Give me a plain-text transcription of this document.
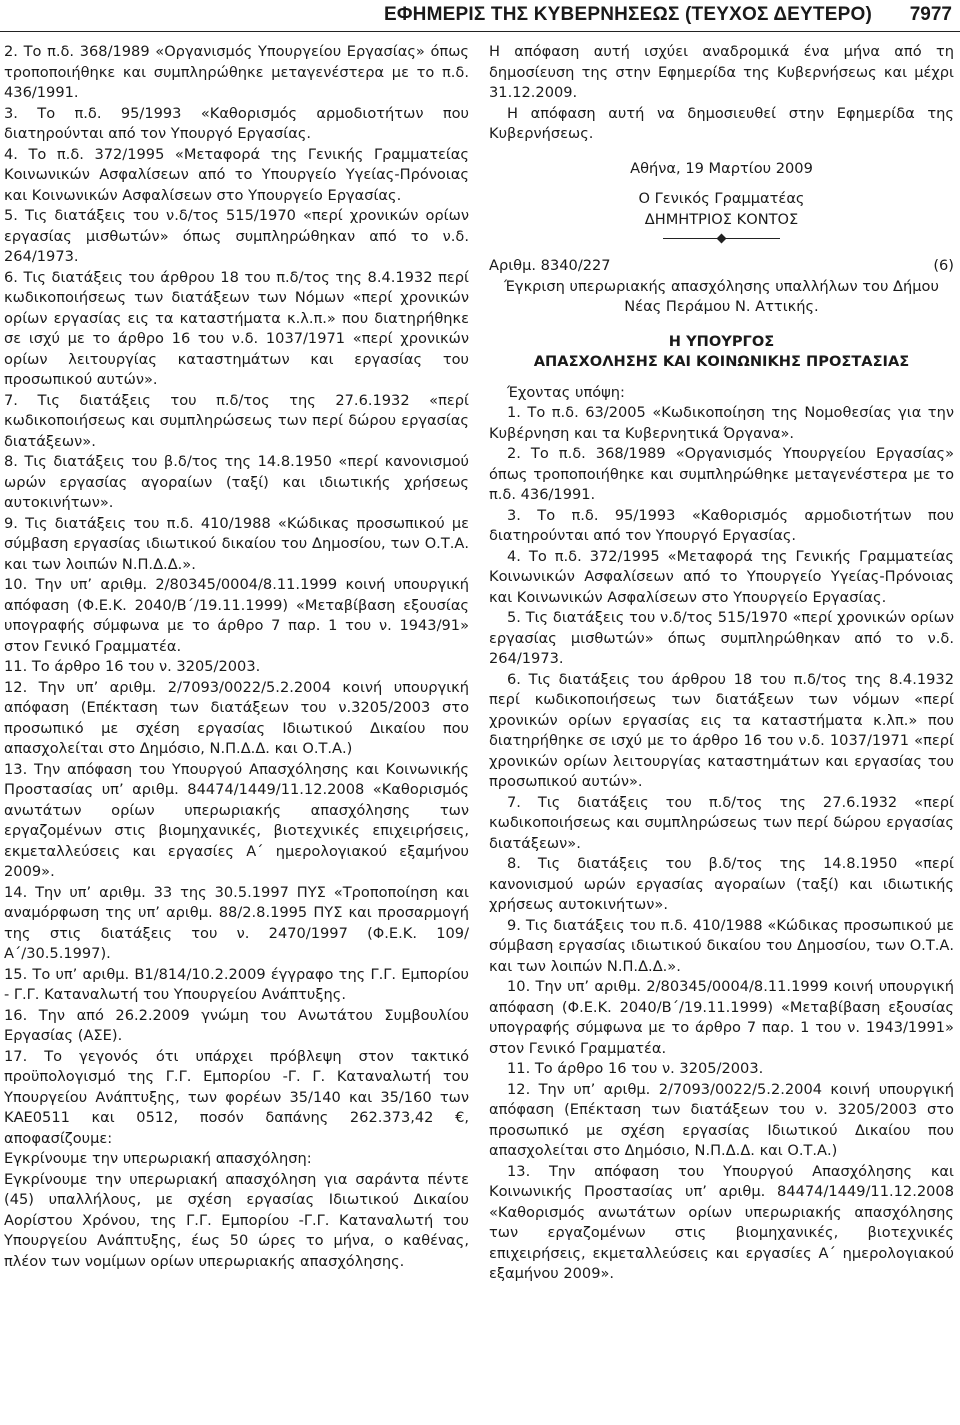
ΕΦΗΜΕΡΙΣ ΤΗΣ ΚΥΒΕΡΝΗΣΕΩΣ (ΤΕΥΧΟΣ ΔΕΥΤΕΡΟ) 7977

2. Το π.δ. 368/1989 «Οργανισμός Υπουργείου Εργασίας» όπως τροποποιήθηκε και συμπληρώθηκε μεταγενέστερα με το π.δ. 436/1991.

3. Το π.δ. 95/1993 «Καθορισμός αρμοδιοτήτων που διατηρούνται από τον Υπουργό Εργασίας.

4. Το π.δ. 372/1995 «Μεταφορά της Γενικής Γραμματείας Κοινωνικών Ασφαλίσεων από το Υπουργείο Υγείας-Πρόνοιας και Κοινωνικών Ασφαλίσεων στο Υπουργείο Εργασίας.

5. Τις διατάξεις του ν.δ/τος 515/1970 «περί χρονικών ορίων εργασίας μισθωτών» όπως συμπληρώθηκαν από το ν.δ. 264/1973.

6. Τις διατάξεις του άρθρου 18 του π.δ/τος της 8.4.1932 περί κωδικοποιήσεως των διατάξεων των Νόμων «περί χρονικών ορίων εργασίας εις τα καταστήματα κ.λ.π.» που διατηρήθηκε σε ισχύ με το άρθρο 16 του ν.δ. 1037/1971 «περί χρονικών ορίων λειτουργίας καταστημάτων και εργασίας του προσωπικού αυτών».

7. Τις διατάξεις του π.δ/τος της 27.6.1932 «περί κωδικοποιήσεως και συμπληρώσεως των περί δώρου εργασίας διατάξεων».

8. Τις διατάξεις του β.δ/τος της 14.8.1950 «περί κανονισμού ωρών εργασίας αγοραίων (ταξί) και ιδιωτικής χρήσεως αυτοκινήτων».

9. Τις διατάξεις του π.δ. 410/1988 «Κώδικας προσωπικού με σύμβαση εργασίας ιδιωτικού δικαίου του Δημοσίου, των Ο.Τ.Α. και των λοιπών Ν.Π.Δ.Δ.».

10. Την υπ’ αριθμ. 2/80345/0004/8.11.1999 κοινή υπουργική απόφαση (Φ.Ε.Κ. 2040/Β΄/19.11.1999) «Μεταβίβαση εξουσίας υπογραφής σύμφωνα με το άρθρο 7 παρ. 1 του ν. 1943/91» στον Γενικό Γραμματέα.

11. Το άρθρο 16 του ν. 3205/2003.

12. Την υπ’ αριθμ. 2/7093/0022/5.2.2004 κοινή υπουργική απόφαση (Επέκταση των διατάξεων του ν.3205/2003 στο προσωπικό με σχέση εργασίας Ιδιωτικού Δικαίου που απασχολείται στο Δημόσιο, Ν.Π.Δ.Δ. και Ο.Τ.Α.)

13. Την απόφαση του Υπουργού Απασχόλησης και Κοινωνικής Προστασίας υπ’ αριθμ. 84474/1449/11.12.2008 «Καθορισμός ανωτάτων ορίων υπερωριακής απασχόλησης των εργαζομένων στις βιομηχανικές, βιοτεχνικές επιχειρήσεις, εκμεταλλεύσεις και εργασίες Α΄ ημερολογιακού εξαμήνου 2009».

14. Την υπ’ αριθμ. 33 της 30.5.1997 ΠΥΣ «Τροποποίηση και αναμόρφωση της υπ’ αριθμ. 88/2.8.1995 ΠΥΣ και προσαρμογή της στις διατάξεις του ν. 2470/1997 (Φ.Ε.Κ. 109/Α΄/30.5.1997).

15. Το υπ’ αριθμ. Β1/814/10.2.2009 έγγραφο της Γ.Γ. Εμπορίου - Γ.Γ. Καταναλωτή του Υπουργείου Ανάπτυξης.

16. Την από 26.2.2009 γνώμη του Ανωτάτου Συμβουλίου Εργασίας (ΑΣΕ).

17. Το γεγονός ότι υπάρχει πρόβλεψη στον τακτικό προϋπολογισμό της Γ.Γ. Εμπορίου -Γ. Γ. Καταναλωτή του Υπουργείου Ανάπτυξης, των φορέων 35/140 και 35/160 των ΚΑΕ0511 και 0512, ποσόν δαπάνης 262.373,42 €, αποφασίζουμε:

Εγκρίνουμε την υπερωριακή απασχόληση:

Εγκρίνουμε την υπερωριακή απασχόληση για σαράντα πέντε (45) υπαλλήλους, με σχέση εργασίας Ιδιωτικού Δικαίου Αορίστου Χρόνου, της Γ.Γ. Εμπορίου -Γ.Γ. Καταναλωτή του Υπουργείου Ανάπτυξης, έως 50 ώρες το μήνα, ο καθένας, πλέον των νομίμων ορίων υπερωριακής απασχόλησης.

Η απόφαση αυτή ισχύει αναδρομικά ένα μήνα από τη δημοσίευση της στην Εφημερίδα της Κυβερνήσεως και μέχρι 31.12.2009.

Η απόφαση αυτή να δημοσιευθεί στην Εφημερίδα της Κυβερνήσεως.

Αθήνα, 19 Μαρτίου 2009

Ο Γενικός Γραμματέας

ΔΗΜΗΤΡΙΟΣ ΚΟΝΤΟΣ

Αριθμ. 8340/227	(6)

Έγκριση υπερωριακής απασχόλησης υπαλλήλων του Δήμου Νέας Περάμου Ν. Αττικής.

Η ΥΠΟΥΡΓΟΣ

ΑΠΑΣΧΟΛΗΣΗΣ ΚΑΙ ΚΟΙΝΩΝΙΚΗΣ ΠΡΟΣΤΑΣΙΑΣ

Έχοντας υπόψη:

1. Το π.δ. 63/2005 «Κωδικοποίηση της Νομοθεσίας για την Κυβέρνηση και τα Κυβερνητικά Όργανα».

2. Το π.δ. 368/1989 «Οργανισμός Υπουργείου Εργασίας» όπως τροποποιήθηκε και συμπληρώθηκε μεταγενέστερα με το π.δ. 436/1991.

3. Το π.δ. 95/1993 «Καθορισμός αρμοδιοτήτων που διατηρούνται από τον Υπουργό Εργασίας.

4. Το π.δ. 372/1995 «Μεταφορά της Γενικής Γραμματείας Κοινωνικών Ασφαλίσεων από το Υπουργείο Υγείας-Πρόνοιας και Κοινωνικών Ασφαλίσεων στο Υπουργείο Εργασίας.

5. Τις διατάξεις του ν.δ/τος 515/1970 «περί χρονικών ορίων εργασίας μισθωτών» όπως συμπληρώθηκαν από το ν.δ. 264/1973.

6. Τις διατάξεις του άρθρου 18 του π.δ/τος της 8.4.1932 περί κωδικοποιήσεως των διατάξεων των νόμων «περί χρονικών ορίων εργασίας εις τα καταστήματα κ.λπ.» που διατηρήθηκε σε ισχύ με το άρθρο 16 του ν.δ. 1037/1971 «περί χρονικών ορίων λειτουργίας καταστημάτων και εργασίας του προσωπικού αυτών».

7. Τις διατάξεις του π.δ/τος της 27.6.1932 «περί κωδικοποιήσεως και συμπληρώσεως των περί δώρου εργασίας διατάξεων».

8. Τις διατάξεις του β.δ/τος της 14.8.1950 «περί κανονισμού ωρών εργασίας αγοραίων (ταξί) και ιδιωτικής χρήσεως αυτοκινήτων».

9. Τις διατάξεις του π.δ. 410/1988 «Κώδικας προσωπικού με σύμβαση εργασίας ιδιωτικού δικαίου του Δημοσίου, των Ο.Τ.Α. και των λοιπών Ν.Π.Δ.Δ.».

10. Την υπ’ αριθμ. 2/80345/0004/8.11.1999 κοινή υπουργική απόφαση (Φ.Ε.Κ. 2040/Β΄/19.11.1999) «Μεταβίβαση εξουσίας υπογραφής σύμφωνα με το άρθρο 7 παρ. 1 του ν. 1943/1991» στον Γενικό Γραμματέα.

11. Το άρθρο 16 του ν. 3205/2003.

12. Την υπ’ αριθμ. 2/7093/0022/5.2.2004 κοινή υπουργική απόφαση (Επέκταση των διατάξεων του ν. 3205/2003 στο προσωπικό με σχέση εργασίας Ιδιωτικού Δικαίου που απασχολείται στο Δημόσιο, Ν.Π.Δ.Δ. και Ο.Τ.Α.)

13. Την απόφαση του Υπουργού Απασχόλησης και Κοινωνικής Προστασίας υπ’ αριθμ. 84474/1449/11.12.2008 «Καθορισμός ανωτάτων ορίων υπερωριακής απασχόλησης των εργαζομένων στις βιομηχανικές, βιοτεχνικές επιχειρήσεις, εκμεταλλεύσεις και εργασίες Α΄ ημερολογιακού εξαμήνου 2009».
